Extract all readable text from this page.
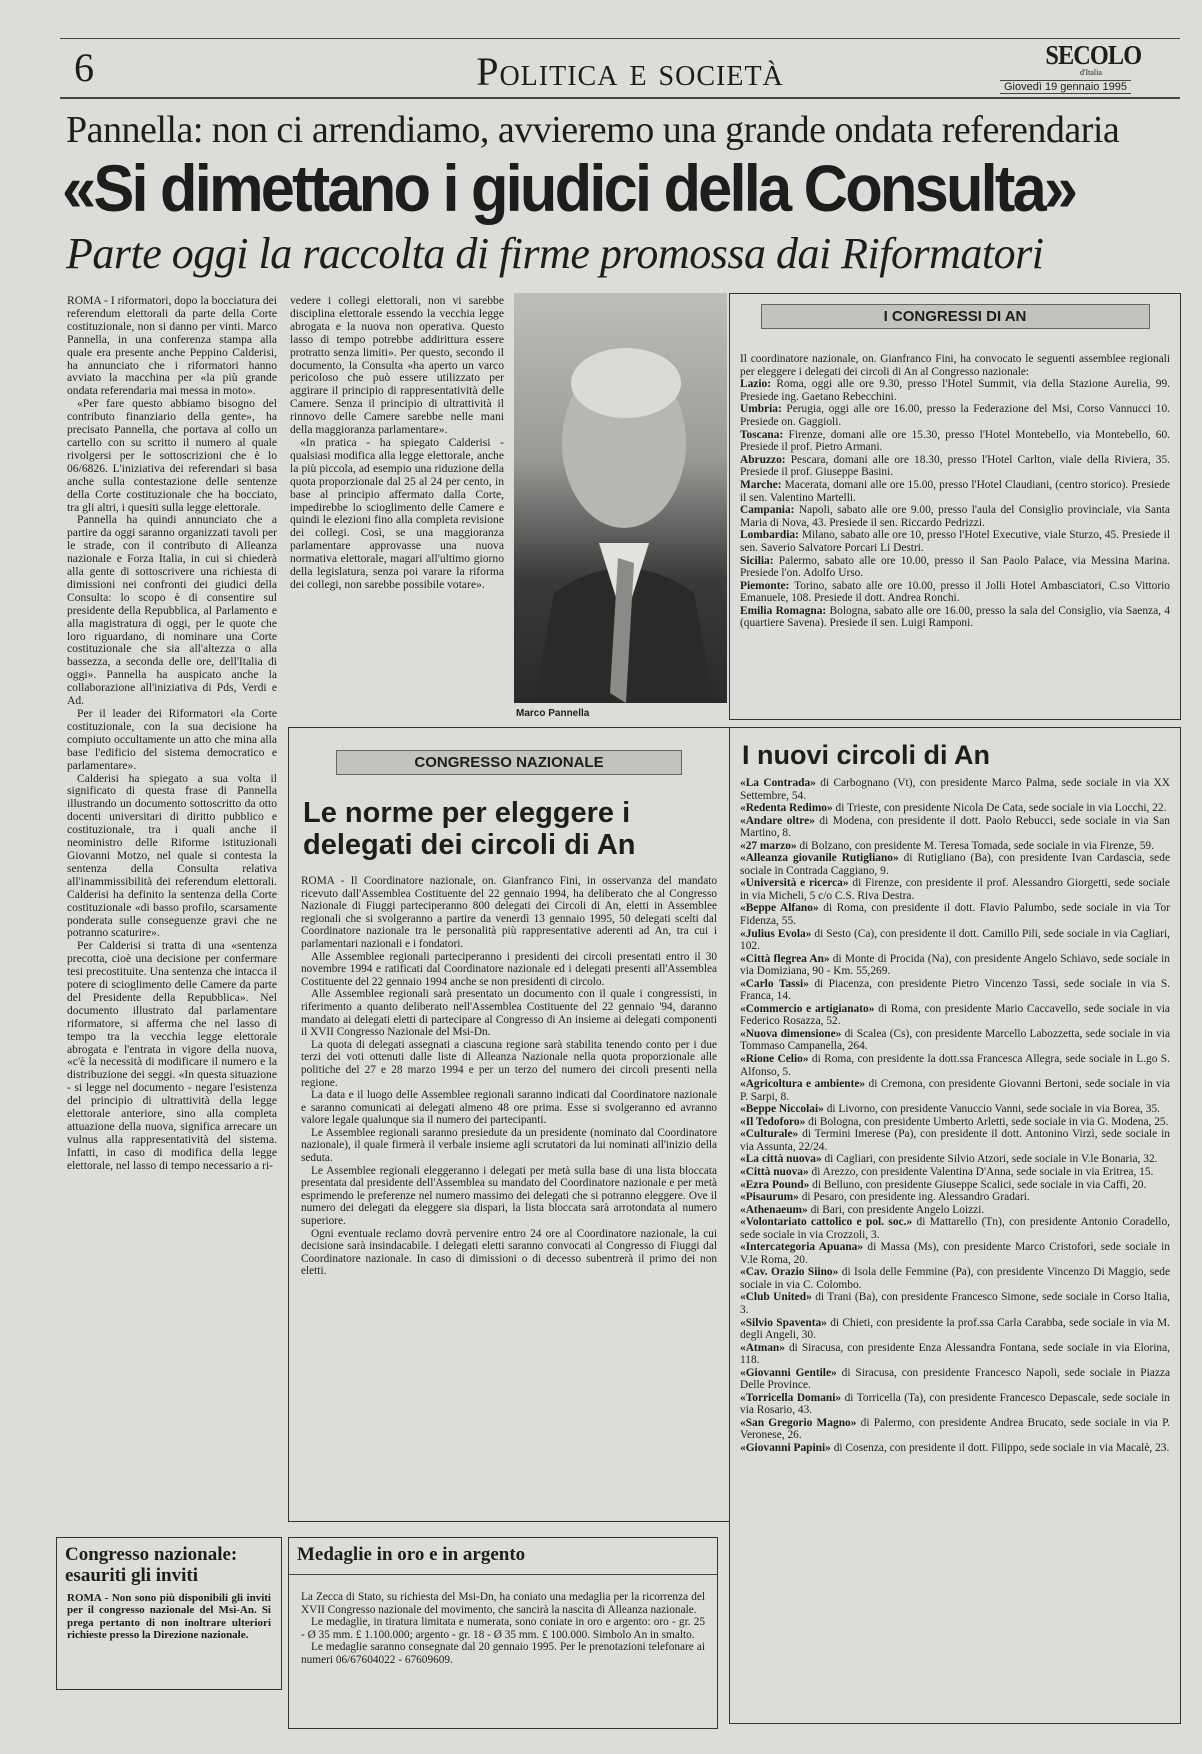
6	Politica e società	SECOLO
d'Italia
Giovedì 19 gennaio 1995
Pannella: non ci arrendiamo, avvieremo una grande ondata referendaria
«Si dimettano i giudici della Consulta»
Parte oggi la raccolta di firme promossa dai Riformatori

ROMA - I riformatori, dopo la bocciatura dei referendum elettorali da parte della Corte costituzionale, non si danno per vinti. Marco Pannella, in una conferenza stampa alla quale era presente anche Peppino Calderisi, ha annunciato che i riformatori hanno avviato la macchina per «la più grande ondata referendaria mai messa in moto».

«Per fare questo abbiamo bisogno del contributo finanziario della gente», ha precisato Pannella, che portava al collo un cartello con su scritto il numero al quale rivolgersi per le sottoscrizioni che è lo 06/6826. L'iniziativa dei referendari si basa anche sulla contestazione delle sentenze della Corte costituzionale che ha bocciato, tra gli altri, i quesiti sulla legge elettorale.

Pannella ha quindi annunciato che a partire da oggi saranno organizzati tavoli per le strade, con il contributo di Alleanza nazionale e Forza Italia, in cui si chiederà alla gente di sottoscrivere una richiesta di dimissioni nei confronti dei giudici della Consulta: lo scopo è di consentire sul presidente della Repubblica, al Parlamento e alla magistratura di oggi, per le quote che loro riguardano, di nominare una Corte costituzionale che sia all'altezza o alla bassezza, a seconda delle ore, dell'Italia di oggi». Pannella ha auspicato anche la collaborazione all'iniziativa di Pds, Verdi e Ad.

Per il leader dei Riformatori «la Corte costituzionale, con la sua decisione ha compiuto occultamente un atto che mina alla base l'edificio del sistema democratico e parlamentare».

Calderisi ha spiegato a sua volta il significato di questa frase di Pannella illustrando un documento sottoscritto da otto docenti universitari di diritto pubblico e costituzionale, tra i quali anche il neoministro delle Riforme istituzionali Giovanni Motzo, nel quale si contesta la sentenza della Consulta relativa all'inammissibilità dei referendum elettorali. Calderisi ha definito la sentenza della Corte costituzionale «di basso profilo, scarsamente ponderata sulle conseguenze gravi che ne potranno scaturire».

Per Calderisi si tratta di una «sentenza precotta, cioè una decisione per confermare tesi precostituite. Una sentenza che intacca il potere di scioglimento delle Camere da parte del Presidente della Repubblica». Nel documento illustrato dal parlamentare riformatore, si afferma che nel lasso di tempo tra la vecchia legge elettorale abrogata e l'entrata in vigore della nuova, «c'è la necessità di modificare il numero e la distribuzione dei seggi. «In questa situazione - si legge nel documento - negare l'esistenza del principio di ultrattività della legge elettorale anteriore, sino alla completa attuazione della nuova, significa arrecare un vulnus alla rappresentatività del sistema. Infatti, in caso di modifica della legge elettorale, nel lasso di tempo necessario a ri-

vedere i collegi elettorali, non vi sarebbe disciplina elettorale essendo la vecchia legge abrogata e la nuova non operativa. Questo lasso di tempo potrebbe addirittura essere protratto senza limiti». Per questo, secondo il documento, la Consulta «ha aperto un varco pericoloso che può essere utilizzato per aggirare il principio di rappresentatività delle Camere. Senza il principio di ultrattività il rinnovo delle Camere sarebbe nelle mani della maggioranza parlamentare».

«In pratica - ha spiegato Calderisi - qualsiasi modifica alla legge elettorale, anche la più piccola, ad esempio una riduzione della quota proporzionale dal 25 al 24 per cento, in base al principio affermato dalla Corte, impedirebbe lo scioglimento delle Camere e quindi le elezioni fino alla completa revisione dei collegi. Così, se una maggioranza parlamentare approvasse una nuova normativa elettorale, magari all'ultimo giorno della legislatura, senza poi varare la riforma dei collegi, non sarebbe possibile votare».

Marco Pannella
I CONGRESSI DI AN

Il coordinatore nazionale, on. Gianfranco Fini, ha convocato le seguenti assemblee regionali per eleggere i delegati dei circoli di An al Congresso nazionale:

Lazio: Roma, oggi alle ore 9.30, presso l'Hotel Summit, via della Stazione Aurelia, 99. Presiede ing. Gaetano Rebecchini.

Umbria: Perugia, oggi alle ore 16.00, presso la Federazione del Msi, Corso Vannucci 10. Presiede on. Gaggioli.

Toscana: Firenze, domani alle ore 15.30, presso l'Hotel Montebello, via Montebello, 60. Presiede il prof. Pietro Armani.

Abruzzo: Pescara, domani alle ore 18.30, presso l'Hotel Carlton, viale della Riviera, 35. Presiede il prof. Giuseppe Basini.

Marche: Macerata, domani alle ore 15.00, presso l'Hotel Claudiani, (centro storico). Presiede il sen. Valentino Martelli.

Campania: Napoli, sabato alle ore 9.00, presso l'aula del Consiglio provinciale, via Santa Maria di Nova, 43. Presiede il sen. Riccardo Pedrizzi.

Lombardia: Milano, sabato alle ore 10, presso l'Hotel Executive, viale Sturzo, 45. Presiede il sen. Saverio Salvatore Porcari Li Destri.

Sicilia: Palermo, sabato alle ore 10.00, presso il San Paolo Palace, via Messina Marina. Presiede l'on. Adolfo Urso.

Piemonte: Torino, sabato alle ore 10.00, presso il Jolli Hotel Ambasciatori, C.so Vittorio Emanuele, 108. Presiede il dott. Andrea Ronchi.

Emilia Romagna: Bologna, sabato alle ore 16.00, presso la sala del Consiglio, via Saenza, 4 (quartiere Savena). Presiede il sen. Luigi Ramponi.

I nuovi circoli di An

«La Contrada» di Carbognano (Vt), con presidente Marco Palma, sede sociale in via XX Settembre, 54.

«Redenta Redimo» di Trieste, con presidente Nicola De Cata, sede sociale in via Locchi, 22.

«Andare oltre» di Modena, con presidente il dott. Paolo Rebucci, sede sociale in via San Martino, 8.

«27 marzo» di Bolzano, con presidente M. Teresa Tomada, sede sociale in via Firenze, 59.

«Alleanza giovanile Rutigliano» di Rutigliano (Ba), con presidente Ivan Cardascia, sede sociale in Contrada Caggiano, 9.

«Università e ricerca» di Firenze, con presidente il prof. Alessandro Giorgetti, sede sociale in via Micheli, 5 c/o C.S. Riva Destra.

«Beppe Alfano» di Roma, con presidente il dott. Flavio Palumbo, sede sociale in via Tor Fidenza, 55.

«Julius Evola» di Sesto (Ca), con presidente il dott. Camillo Pili, sede sociale in via Cagliari, 102.

«Città flegrea An» di Monte di Procida (Na), con presidente Angelo Schiavo, sede sociale in via Domiziana, 90 - Km. 55,269.

«Carlo Tassi» di Piacenza, con presidente Pietro Vincenzo Tassi, sede sociale in via S. Franca, 14.

«Commercio e artigianato» di Roma, con presidente Mario Caccavello, sede sociale in via Federico Rosazza, 52.

«Nuova dimensione» di Scalea (Cs), con presidente Marcello Labozzetta, sede sociale in via Tommaso Campanella, 264.

«Rione Celio» di Roma, con presidente la dott.ssa Francesca Allegra, sede sociale in L.go S. Alfonso, 5.

«Agricoltura e ambiente» di Cremona, con presidente Giovanni Bertoni, sede sociale in via P. Sarpi, 8.

«Beppe Niccolai» di Livorno, con presidente Vanuccio Vanni, sede sociale in via Borea, 35.

«Il Tedoforo» di Bologna, con presidente Umberto Arletti, sede sociale in via G. Modena, 25.

«Culturale» di Termini Imerese (Pa), con presidente il dott. Antonino Virzì, sede sociale in via Assunta, 22/24.

«La città nuova» di Cagliari, con presidente Silvio Atzori, sede sociale in V.le Bonaria, 32.

«Città nuova» di Arezzo, con presidente Valentina D'Anna, sede sociale in via Eritrea, 15.

«Ezra Pound» di Belluno, con presidente Giuseppe Scalici, sede sociale in via Caffi, 20.

«Pisaurum» di Pesaro, con presidente ing. Alessandro Gradari.

«Athenaeum» di Bari, con presidente Angelo Loizzi.

«Volontariato cattolico e pol. soc.» di Mattarello (Tn), con presidente Antonio Coradello, sede sociale in via Crozzoli, 3.

«Intercategoria Apuana» di Massa (Ms), con presidente Marco Cristoforì, sede sociale in V.le Roma, 20.

«Cav. Orazio Siino» di Isola delle Femmine (Pa), con presidente Vincenzo Di Maggio, sede sociale in via C. Colombo.

«Club United» di Trani (Ba), con presidente Francesco Simone, sede sociale in Corso Italia, 3.

«Silvio Spaventa» di Chieti, con presidente la prof.ssa Carla Carabba, sede sociale in via M. degli Angeli, 30.

«Atman» di Siracusa, con presidente Enza Alessandra Fontana, sede sociale in via Elorina, 118.

«Giovanni Gentile» di Siracusa, con presidente Francesco Napoli, sede sociale in Piazza Delle Province.

«Torricella Domani» di Torricella (Ta), con presidente Francesco Depascale, sede sociale in via Rosario, 43.

«San Gregorio Magno» di Palermo, con presidente Andrea Brucato, sede sociale in via P. Veronese, 26.

«Giovanni Papini» di Cosenza, con presidente il dott. Filippo, sede sociale in via Macalè, 23.

CONGRESSO NAZIONALE
Le norme per eleggere i delegati dei circoli di An

ROMA - Il Coordinatore nazionale, on. Gianfranco Fini, in osservanza del mandato ricevuto dall'Assemblea Costituente del 22 gennaio 1994, ha deliberato che al Congresso Nazionale di Fiuggi parteciperanno 800 delegati dei Circoli di An, eletti in Assemblee regionali che si svolgeranno a partire da venerdì 13 gennaio 1995, 50 delegati scelti dal Coordinatore nazionale tra le personalità più rappresentative aderenti ad An, tra cui i parlamentari nazionali e i fondatori.

Alle Assemblee regionali parteciperanno i presidenti dei circoli presentati entro il 30 novembre 1994 e ratificati dal Coordinatore nazionale ed i delegati presenti all'Assemblea Costituente del 22 gennaio 1994 anche se non presidenti di circolo.

Alle Assemblee regionali sarà presentato un documento con il quale i congressisti, in riferimento a quanto deliberato nell'Assemblea Costituente del 22 gennaio '94, daranno mandato ai delegati eletti di partecipare al Congresso di An insieme ai delegati componenti il XVII Congresso Nazionale del Msi-Dn.

La quota di delegati assegnati a ciascuna regione sarà stabilita tenendo conto per i due terzi dei voti ottenuti dalle liste di Alleanza Nazionale nella quota proporzionale alle politiche del 27 e 28 marzo 1994 e per un terzo del numero dei circoli presenti nella regione.

La data e il luogo delle Assemblee regionali saranno indicati dal Coordinatore nazionale e saranno comunicati ai delegati almeno 48 ore prima. Esse si svolgeranno ed avranno valore legale qualunque sia il numero dei partecipanti.

Le Assemblee regionali saranno presiedute da un presidente (nominato dal Coordinatore nazionale), il quale firmerà il verbale insieme agli scrutatori da lui nominati all'inizio della seduta.

Le Assemblee regionali eleggeranno i delegati per metà sulla base di una lista bloccata presentata dal presidente dell'Assemblea su mandato del Coordinatore nazionale e per metà esprimendo le preferenze nel numero massimo dei delegati che si potranno eleggere. Ove il numero dei delegati da eleggere sia dispari, la lista bloccata sarà arrotondata al numero superiore.

Ogni eventuale reclamo dovrà pervenire entro 24 ore al Coordinatore nazionale, la cui decisione sarà insindacabile. I delegati eletti saranno convocati al Congresso di Fiuggi dal Coordinatore nazionale. In caso di dimissioni o di decesso subentrerà il primo dei non eletti.

Congresso nazionale: esauriti gli inviti
ROMA - Non sono più disponibili gli inviti per il congresso nazionale del Msi-An. Si prega pertanto di non inoltrare ulteriori richieste presso la Direzione nazionale.
Medaglie in oro e in argento

La Zecca di Stato, su richiesta del Msi-Dn, ha coniato una medaglia per la ricorrenza del XVII Congresso nazionale del movimento, che sancirà la nascita di Alleanza nazionale.

Le medaglie, in tiratura limitata e numerata, sono coniate in oro e argento: oro - gr. 25 - Ø 35 mm. £ 1.100.000; argento - gr. 18 - Ø 35 mm. £ 100.000. Simbolo An in smalto.

Le medaglie saranno consegnate dal 20 gennaio 1995. Per le prenotazioni telefonare ai numeri 06/67604022 - 67609609.
